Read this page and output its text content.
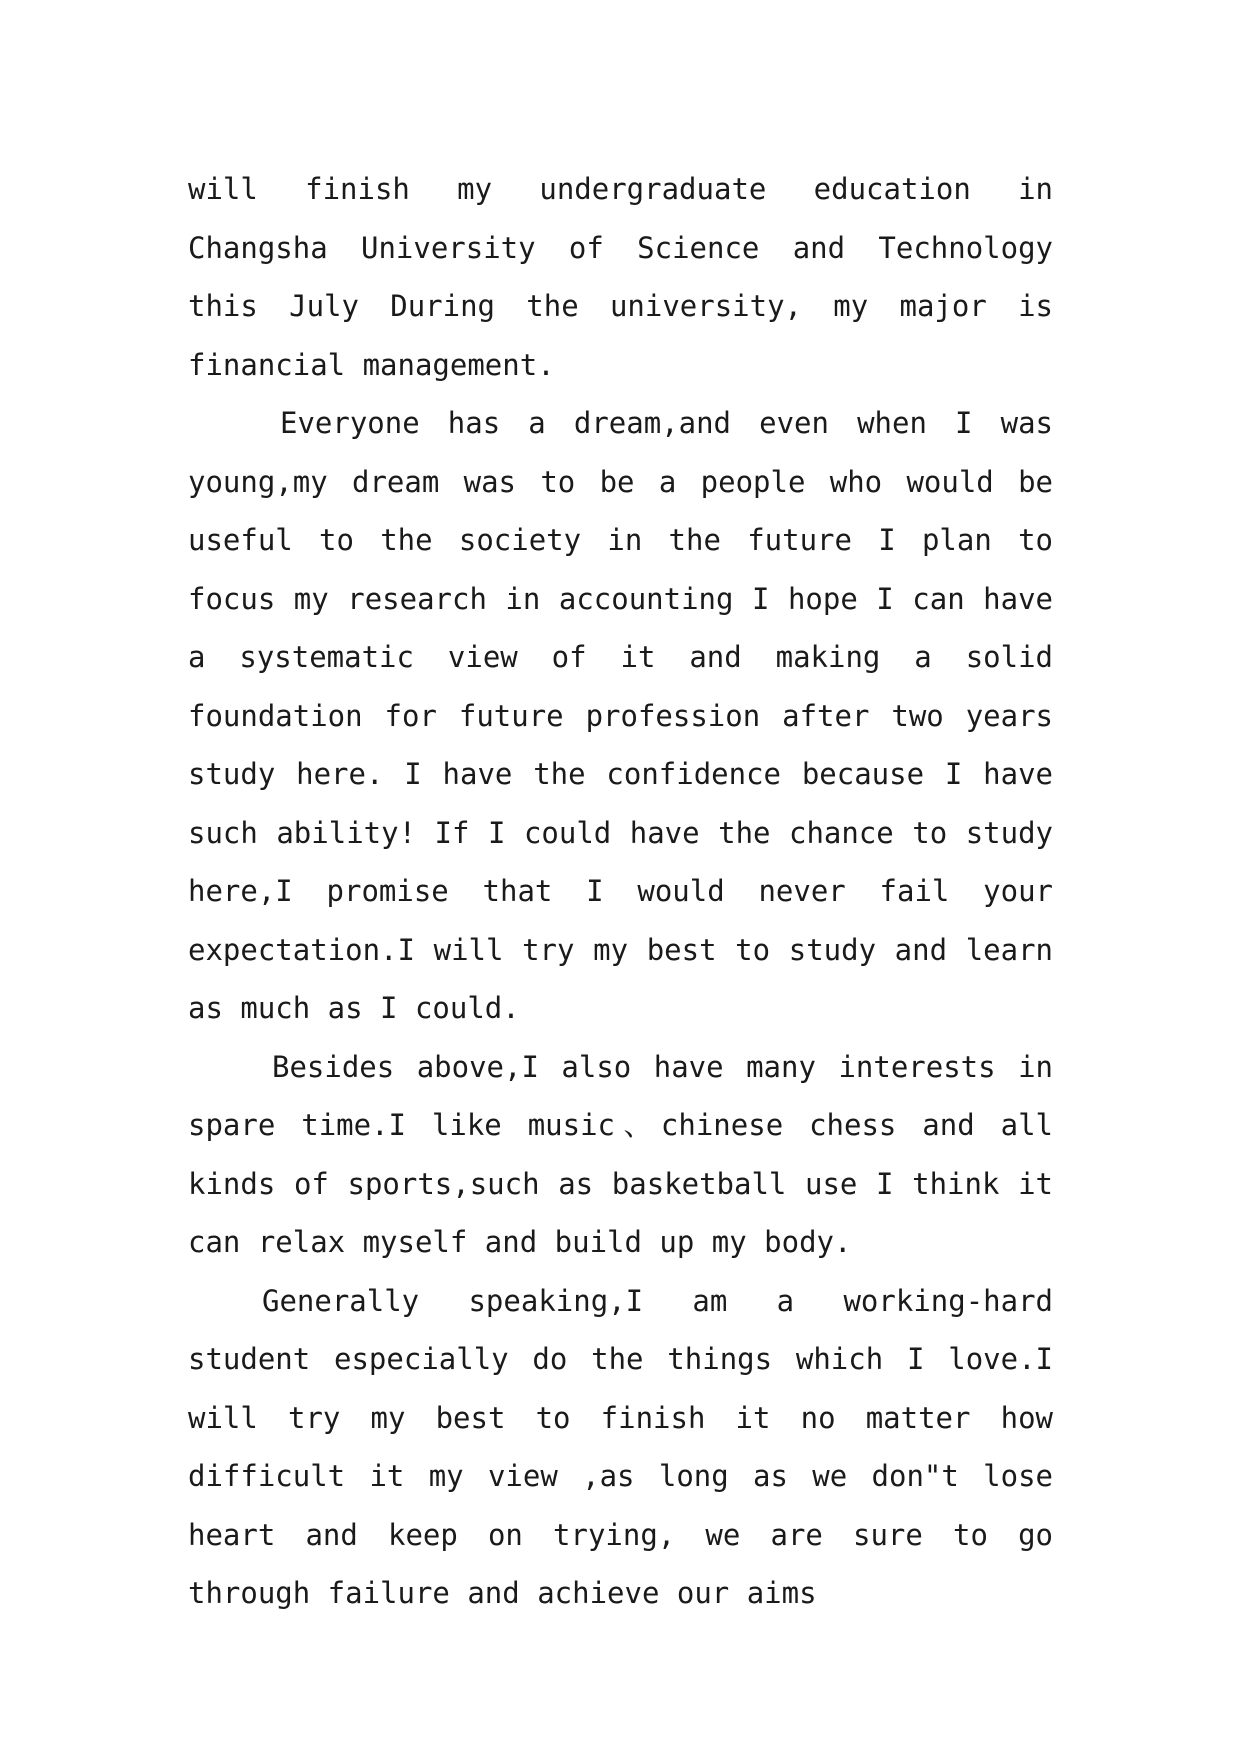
will finish my undergraduate education in Changsha University of Science and Technology this July During the university, my major is financial management.

Everyone has a dream,and even when I was young,my dream was to be a people who would be useful to the society in the future I plan to focus my research in accounting I hope I can have a systematic view of it and making a solid foundation for future profession after two years study here. I have the confidence because I have such ability! If I could have the chance to study here,I promise that I would never fail your expectation.I will try my best to study and learn as much as I could.

Besides above,I also have many interests in spare time.I like music、chinese chess and all kinds of sports,such as basketball use I think it can relax myself and build up my body.

Generally speaking,I am a working-hard student especially do the things which I love.I will try my best to finish it no matter how difficult it my view ,as long as we don"t lose heart and keep on trying, we are sure to go through failure and achieve our aims
